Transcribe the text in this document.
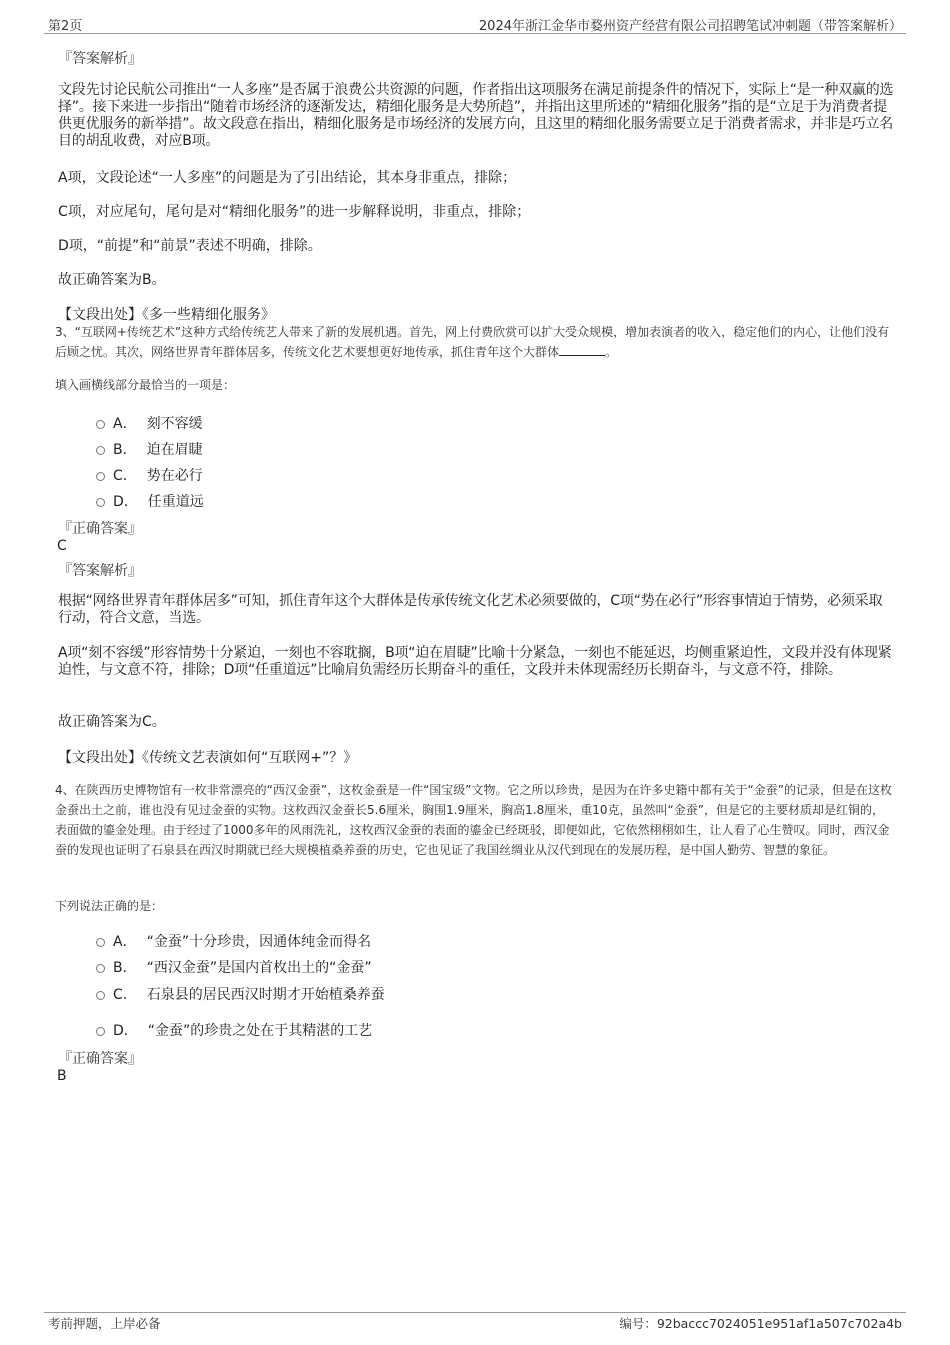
第2页	2024年浙江金华市婺州资产经营有限公司招聘笔试冲刺题（带答案解析）
『答案解析』

文段先讨论民航公司推出“一人多座”是否属于浪费公共资源的问题，作者指出这项服务在满足前提条件的情况下，实际上“是一种双赢的选择”。接下来进一步指出“随着市场经济的逐渐发达，精细化服务是大势所趋”，并指出这里所述的“精细化服务”指的是“立足于为消费者提供更优服务的新举措”。故文段意在指出，精细化服务是市场经济的发展方向，且这里的精细化服务需要立足于消费者需求，并非是巧立名目的胡乱收费，对应B项。

A项，文段论述“一人多座”的问题是为了引出结论，其本身非重点，排除；

C项，对应尾句，尾句是对“精细化服务”的进一步解释说明，非重点，排除；

D项，“前提”和“前景”表述不明确，排除。

故正确答案为B。

【文段出处】《多一些精细化服务》

3、“互联网+传统艺术”这种方式给传统艺人带来了新的发展机遇。首先，网上付费欣赏可以扩大受众规模，增加表演者的收入，稳定他们的内心，让他们没有后顾之忧。其次，网络世界青年群体居多，传统文化艺术要想更好地传承，抓住青年这个大群体	。

填入画横线部分最恰当的一项是：
A． 刻不容缓
B． 迫在眉睫
C． 势在必行
D． 任重道远
『正确答案』
C
『答案解析』

根据“网络世界青年群体居多”可知，抓住青年这个大群体是传承传统文化艺术必须要做的，C项“势在必行”形容事情迫于情势，必须采取行动，符合文意，当选。

A项“刻不容缓”形容情势十分紧迫，一刻也不容耽搁，B项“迫在眉睫”比喻十分紧急，一刻也不能延迟，均侧重紧迫性，文段并没有体现紧迫性，与文意不符，排除；D项“任重道远”比喻肩负需经历长期奋斗的重任，文段并未体现需经历长期奋斗，与文意不符，排除。

故正确答案为C。

【文段出处】《传统文艺表演如何“互联网+”？》

4、在陕西历史博物馆有一枚非常漂亮的“西汉金蚕”，这枚金蚕是一件“国宝级”文物。它之所以珍贵，是因为在许多史籍中都有关于“金蚕”的记录，但是在这枚金蚕出土之前，谁也没有见过金蚕的实物。这枚西汉金蚕长5.6厘米，胸围1.9厘米，胸高1.8厘米，重10克，虽然叫“金蚕”，但是它的主要材质却是红铜的，表面做的鎏金处理。由于经过了1000多年的风雨洗礼，这枚西汉金蚕的表面的鎏金已经斑驳，即便如此，它依然栩栩如生，让人看了心生赞叹。同时，西汉金蚕的发现也证明了石泉县在西汉时期就已经大规模植桑养蚕的历史，它也见证了我国丝绸业从汉代到现在的发展历程，是中国人勤劳、智慧的象征。

下列说法正确的是：
A． “金蚕”十分珍贵，因通体纯金而得名
B． “西汉金蚕”是国内首枚出土的“金蚕”
C． 石泉县的居民西汉时期才开始植桑养蚕
D． “金蚕”的珍贵之处在于其精湛的工艺
『正确答案』
B
考前押题，上岸必备	编号：92baccc7024051e951af1a507c702a4b
